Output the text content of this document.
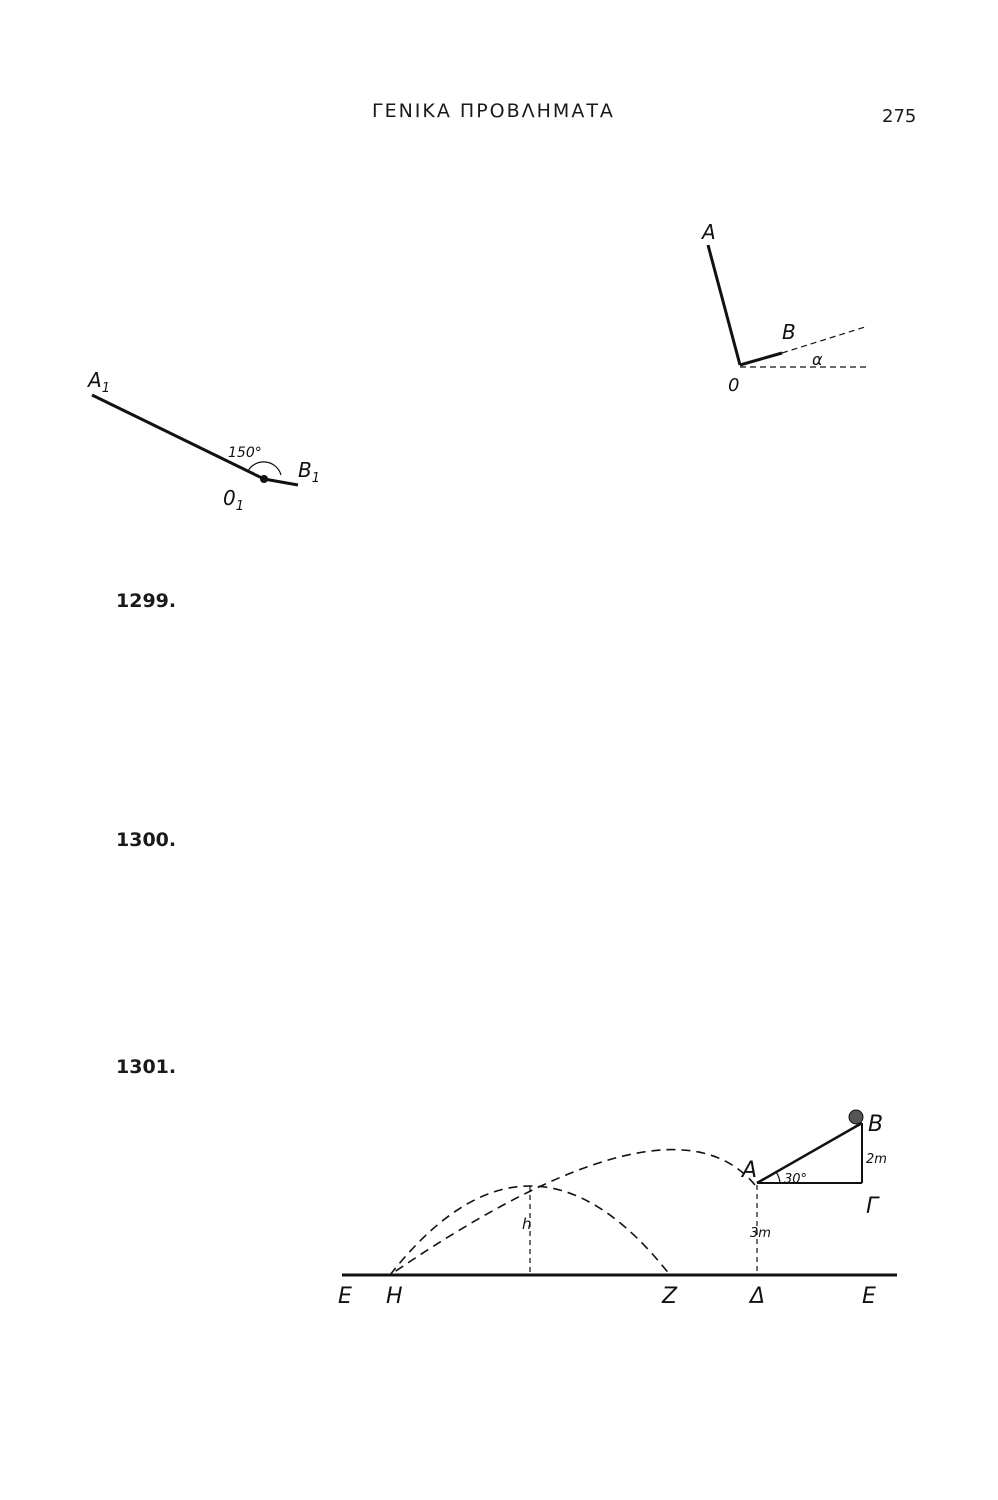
ΓΕΝΙΚΑ ΠΡΟΒΛΗΜΑΤΑ	275
A
B
0
α
$A_1$
150°
$B_1$
$0_1$
1299.
1300.
1301.
B
A
Γ
2m
30°
3m
h
E H	Z	Δ	E
